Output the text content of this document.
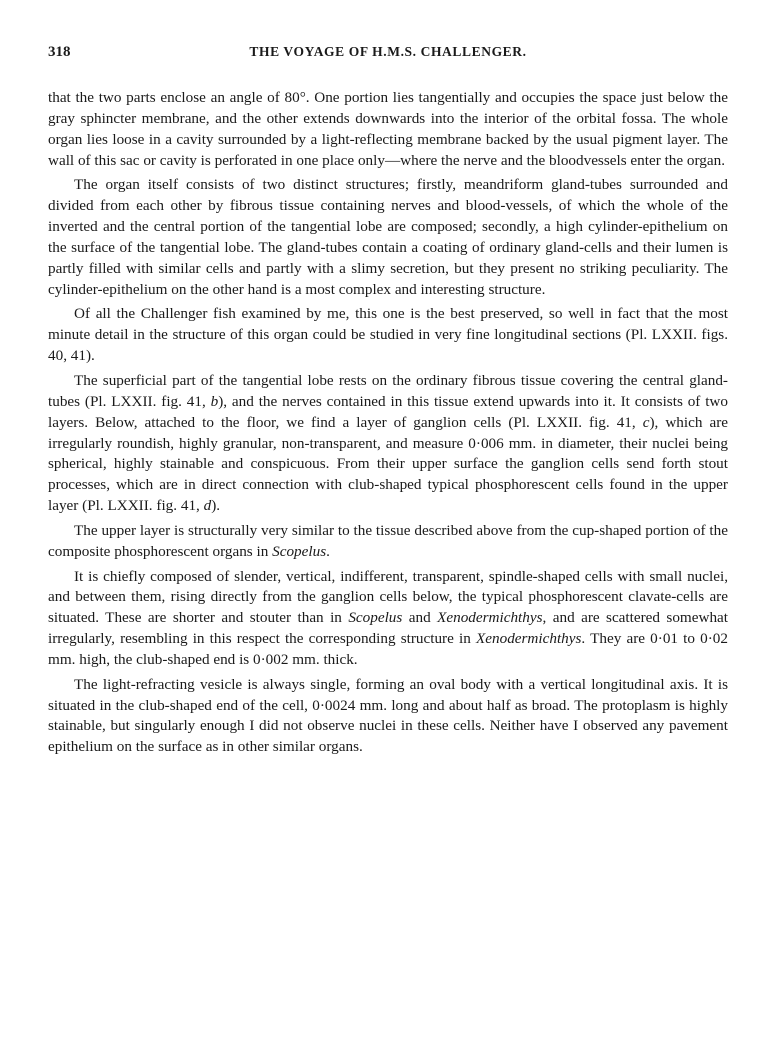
318	THE VOYAGE OF H.M.S. CHALLENGER.

that the two parts enclose an angle of 80°. One portion lies tangentially and occupies the space just below the gray sphincter membrane, and the other extends downwards into the interior of the orbital fossa. The whole organ lies loose in a cavity surrounded by a light-reflecting membrane backed by the usual pigment layer. The wall of this sac or cavity is perforated in one place only—where the nerve and the bloodvessels enter the organ.

The organ itself consists of two distinct structures; firstly, meandriform gland-tubes surrounded and divided from each other by fibrous tissue containing nerves and blood-vessels, of which the whole of the inverted and the central portion of the tangential lobe are composed; secondly, a high cylinder-epithelium on the surface of the tangential lobe. The gland-tubes contain a coating of ordinary gland-cells and their lumen is partly filled with similar cells and partly with a slimy secretion, but they present no striking peculiarity. The cylinder-epithelium on the other hand is a most complex and interesting structure.

Of all the Challenger fish examined by me, this one is the best preserved, so well in fact that the most minute detail in the structure of this organ could be studied in very fine longitudinal sections (Pl. LXXII. figs. 40, 41).

The superficial part of the tangential lobe rests on the ordinary fibrous tissue covering the central gland-tubes (Pl. LXXII. fig. 41, b), and the nerves contained in this tissue extend upwards into it. It consists of two layers. Below, attached to the floor, we find a layer of ganglion cells (Pl. LXXII. fig. 41, c), which are irregularly roundish, highly granular, non-transparent, and measure 0·006 mm. in diameter, their nuclei being spherical, highly stainable and conspicuous. From their upper surface the ganglion cells send forth stout processes, which are in direct connection with club-shaped typical phosphorescent cells found in the upper layer (Pl. LXXII. fig. 41, d).

The upper layer is structurally very similar to the tissue described above from the cup-shaped portion of the composite phosphorescent organs in Scopelus.

It is chiefly composed of slender, vertical, indifferent, transparent, spindle-shaped cells with small nuclei, and between them, rising directly from the ganglion cells below, the typical phosphorescent clavate-cells are situated. These are shorter and stouter than in Scopelus and Xenodermichthys, and are scattered somewhat irregularly, resembling in this respect the corresponding structure in Xenodermichthys. They are 0·01 to 0·02 mm. high, the club-shaped end is 0·002 mm. thick.

The light-refracting vesicle is always single, forming an oval body with a vertical longitudinal axis. It is situated in the club-shaped end of the cell, 0·0024 mm. long and about half as broad. The protoplasm is highly stainable, but singularly enough I did not observe nuclei in these cells. Neither have I observed any pavement epithelium on the surface as in other similar organs.
